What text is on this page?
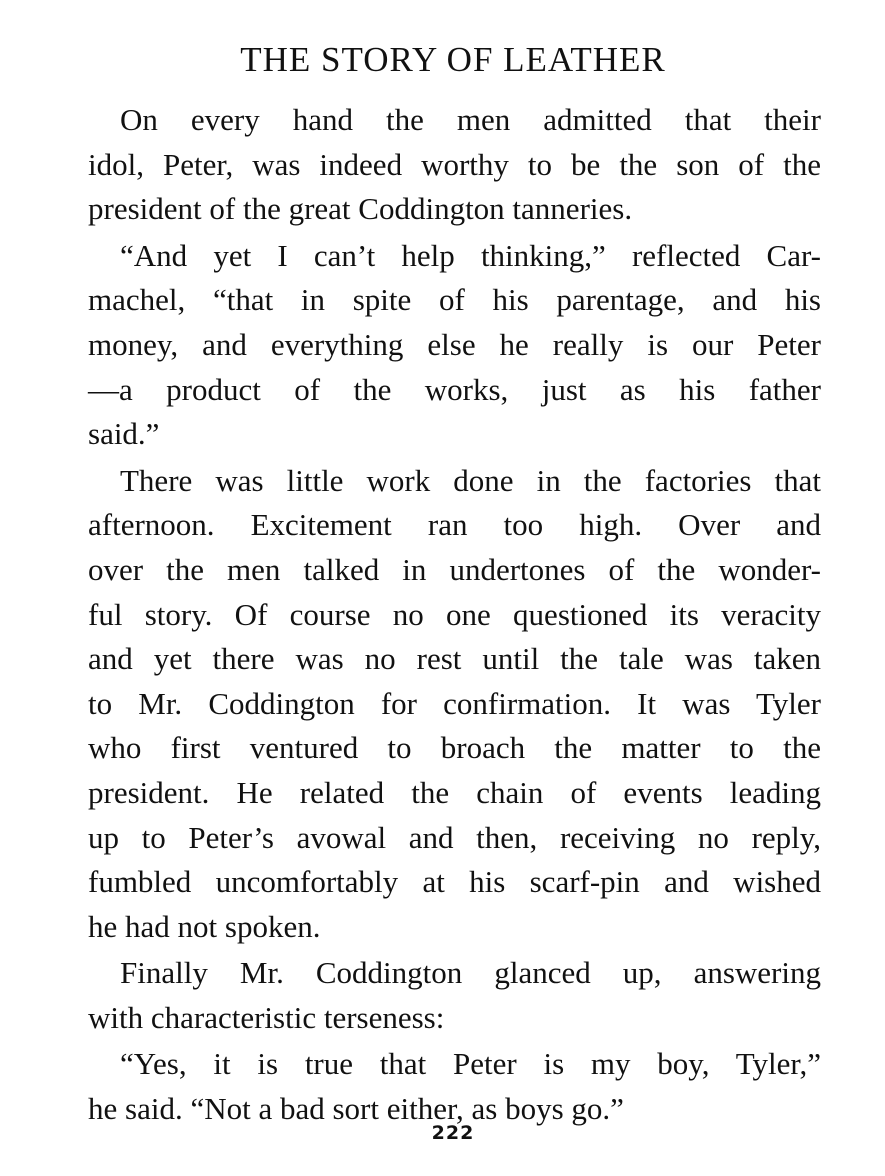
THE STORY OF LEATHER

On every hand the men admitted that their
idol, Peter, was indeed worthy to be the son of the
president of the great Coddington tanneries.

“And yet I can’t help thinking,” reflected Car-
machel, “that in spite of his parentage, and his
money, and everything else he really is our Peter
—a product of the works, just as his father
said.”

There was little work done in the factories that
afternoon. Excitement ran too high. Over and
over the men talked in undertones of the wonder-
ful story. Of course no one questioned its veracity
and yet there was no rest until the tale was taken
to Mr. Coddington for confirmation. It was Tyler
who first ventured to broach the matter to the
president. He related the chain of events leading
up to Peter’s avowal and then, receiving no reply,
fumbled uncomfortably at his scarf-pin and wished
he had not spoken.

Finally Mr. Coddington glanced up, answering
with characteristic terseness:

“Yes, it is true that Peter is my boy, Tyler,”
he said. “Not a bad sort either, as boys go.”

222
